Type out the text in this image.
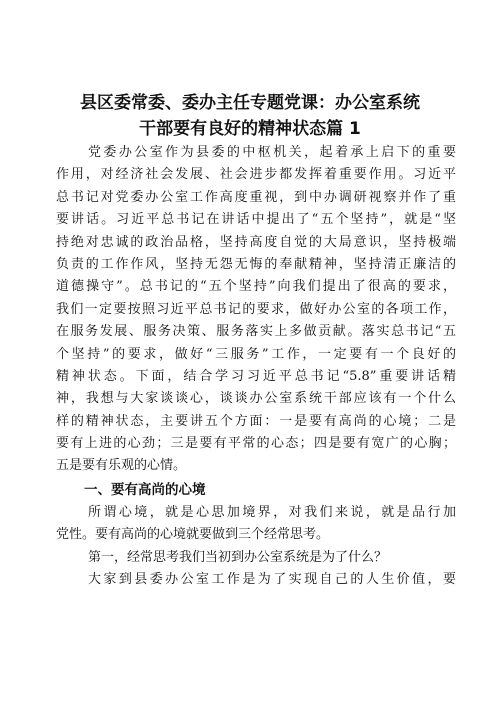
县区委常委、委办主任专题党课：办公室系统
干部要有良好的精神状态篇 1
党委办公室作为县委的中枢机关，起着承上启下的重要
作用，对经济社会发展、社会进步都发挥着重要作用。习近平
总书记对党委办公室工作高度重视，到中办调研视察并作了重
要讲话。习近平总书记在讲话中提出了“五个坚持”，就是“坚
持绝对忠诚的政治品格，坚持高度自觉的大局意识，坚持极端
负责的工作作风，坚持无怨无悔的奉献精神，坚持清正廉洁的
道德操守”。总书记的“五个坚持”向我们提出了很高的要求，
我们一定要按照习近平总书记的要求，做好办公室的各项工作，
在服务发展、服务决策、服务落实上多做贡献。落实总书记“五
个坚持”的要求，做好“三服务”工作，一定要有一个良好的
精神状态。下面，结合学习习近平总书记“5.8”重要讲话精
神，我想与大家谈谈心，谈谈办公室系统干部应该有一个什么
样的精神状态，主要讲五个方面：一是要有高尚的心境；二是
要有上进的心劲；三是要有平常的心态；四是要有宽广的心胸；
五是要有乐观的心情。
一、要有高尚的心境
所谓心境，就是心思加境界，对我们来说，就是品行加
党性。要有高尚的心境就要做到三个经常思考。
第一，经常思考我们当初到办公室系统是为了什么？
大家到县委办公室工作是为了实现自己的人生价值，要
